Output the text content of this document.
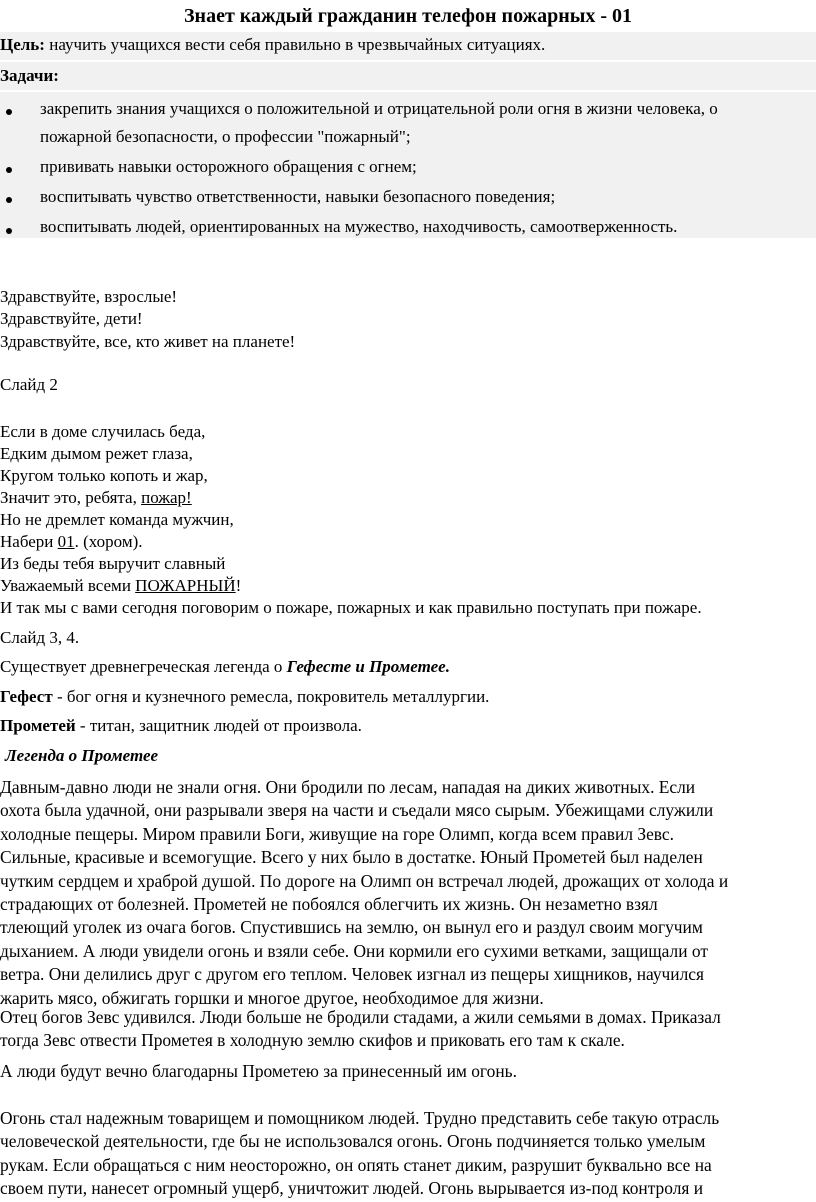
Знает каждый гражданин телефон пожарных - 01
Цель: научить учащихся вести себя правильно в чрезвычайных ситуациях.
Задачи:
закрепить знания учащихся о положительной и отрицательной роли огня в жизни человека, о
пожарной безопасности, о профессии "пожарный";
прививать навыки осторожного обращения с огнем;
воспитывать чувство ответственности, навыки безопасного поведения;
воспитывать людей, ориентированных на мужество, находчивость, самоотверженность.
Здравствуйте, взрослые!
Здравствуйте, дети!
Здравствуйте, все, кто живет на планете!
Слайд 2
Если в доме случилась беда,
Едким дымом режет глаза,
Кругом только копоть и жар,
Значит это, ребята, пожар!
Но не дремлет команда мужчин,
Набери 01. (хором).
Из беды тебя выручит славный
Уважаемый всеми ПОЖАРНЫЙ!
И так мы с вами сегодня поговорим о пожаре, пожарных и как правильно поступать при пожаре.
Слайд 3, 4.
Существует древнегреческая легенда о Гефесте и Прометее.
Гефест - бог огня и кузнечного ремесла, покровитель металлургии.
Прометей - титан, защитник людей от произвола.
Легенда о Прометее
Давным-давно люди не знали огня. Они бродили по лесам, нападая на диких животных. Если
охота была удачной, они разрывали зверя на части и съедали мясо сырым. Убежищами служили
холодные пещеры. Миром правили Боги, живущие на горе Олимп, когда всем правил Зевс.
Сильные, красивые и всемогущие. Всего у них было в достатке. Юный Прометей был наделен
чутким сердцем и храброй душой. По дороге на Олимп он встречал людей, дрожащих от холода и
страдающих от болезней. Прометей не побоялся облегчить их жизнь. Он незаметно взял
тлеющий уголек из очага богов. Спустившись на землю, он вынул его и раздул своим могучим
дыханием. А люди увидели огонь и взяли себе. Они кормили его сухими ветками, защищали от
ветра. Они делились друг с другом его теплом. Человек изгнал из пещеры хищников, научился
жарить мясо, обжигать горшки и многое другое, необходимое для жизни.
Отец богов Зевс удивился. Люди больше не бродили стадами, а жили семьями в домах. Приказал
тогда Зевс отвести Прометея в холодную землю скифов и приковать его там к скале.
А люди будут вечно благодарны Прометею за принесенный им огонь.
Огонь стал надежным товарищем и помощником людей. Трудно представить себе такую отрасль
человеческой деятельности, где бы не использовался огонь. Огонь подчиняется только умелым
рукам. Если обращаться с ним неосторожно, он опять станет диким, разрушит буквально все на
своем пути, нанесет огромный ущерб, уничтожит людей. Огонь вырывается из-под контроля и
